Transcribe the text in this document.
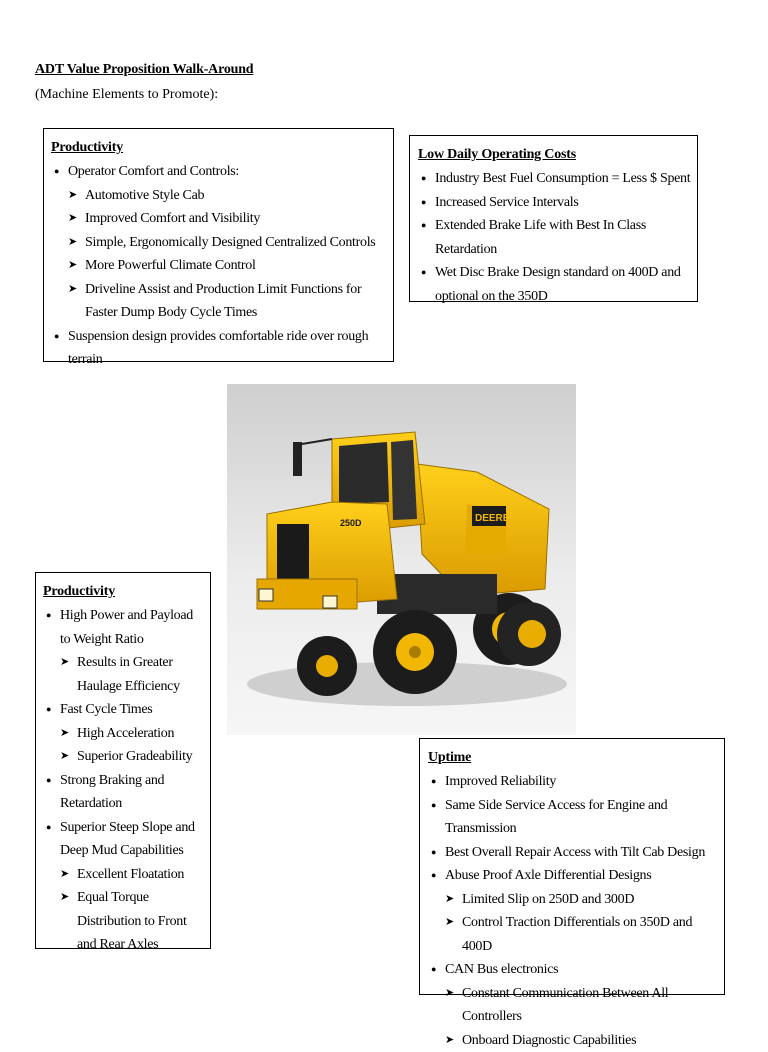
ADT Value Proposition Walk-Around
(Machine Elements to Promote):
Productivity
● Operator Comfort and Controls:
➤ Automotive Style Cab
➤ Improved Comfort and Visibility
➤ Simple, Ergonomically Designed Centralized Controls
➤ More Powerful Climate Control
➤ Driveline Assist and Production Limit Functions for Faster Dump Body Cycle Times
● Suspension design provides comfortable ride over rough terrain
Low Daily Operating Costs
● Industry Best Fuel Consumption = Less $ Spent
● Increased Service Intervals
● Extended Brake Life with Best In Class Retardation
● Wet Disc Brake Design standard on 400D and optional on the 350D
DEERE
250D
Productivity
● High Power and Payload to Weight Ratio
➤ Results in Greater Haulage Efficiency
● Fast Cycle Times
➤ High Acceleration
➤ Superior Gradeability
● Strong Braking and Retardation
● Superior Steep Slope and Deep Mud Capabilities
➤ Excellent Floatation
➤ Equal Torque Distribution to Front and Rear Axles
Uptime
● Improved Reliability
● Same Side Service Access for Engine and Transmission
● Best Overall Repair Access with Tilt Cab Design
● Abuse Proof Axle Differential Designs
➤ Limited Slip on 250D and 300D
➤ Control Traction Differentials on 350D and 400D
● CAN Bus electronics
➤ Constant Communication Between All Controllers
➤ Onboard Diagnostic Capabilities
